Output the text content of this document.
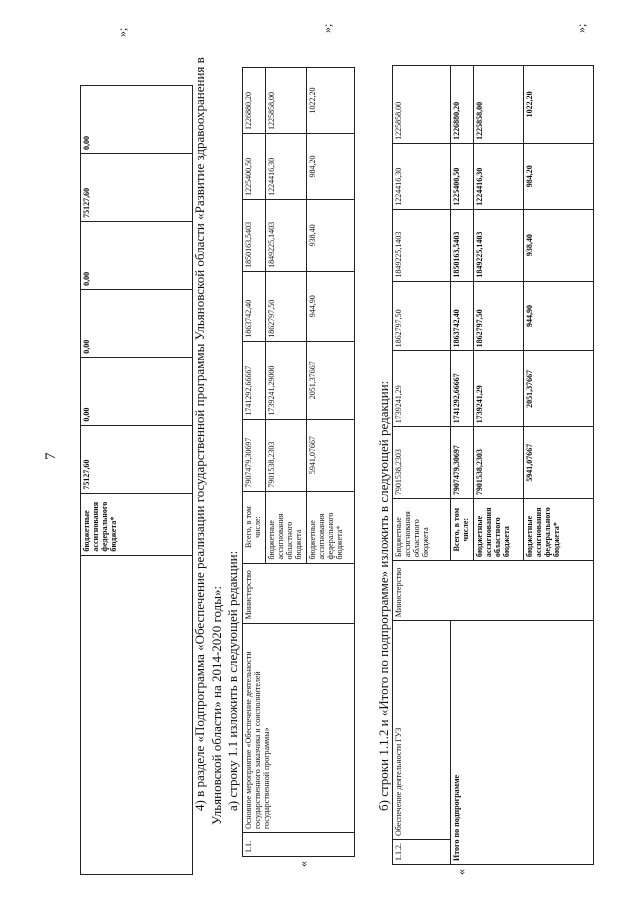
7
	бюджетные ассигнования федерального бюджета*	75127,60	0,00	0,00	0,00	75127,60	0,00
»;
4) в разделе «Подпрограмма «Обеспечение реализации государственной программы Ульяновской области «Развитие здравоохранения в Ульяновской области» на 2014-2020 годы»: а) строку 1.1 изложить в следующей редакции:
«
1.1.	Основное мероприятие «Обеспечение деятельности государственного заказчика и соисполнителей государственной программы»	Министерство	Всего, в том числе:	7907479,30697	1741292,66667	1863742,40	1850163,5403	1225400,50	1226880,20
			бюджетные ассигнования областного бюджета	7901538,2303	1739241,29000	1862797,50	1849225,1403	1224416,30	1225858,00
			бюджетные ассигнования федерального бюджета*	5941,07667	2051,37667	944,90	938,40	984,20	1022,20
»;
б) строки 1.1.2 и «Итого по подпрограмме» изложить в следующей редакции:
«
1.1.2.	Обеспечение деятельности ГУЗ	Министерство	Бюджетные ассигнования областного бюджета	7901538,2303	1739241,29	1862797,50	1849225,1403	1224416,30	1225858,00
Итого по подпрограмме			Всего, в том числе:	7907479,30697	1741292,66667	1863742,40	1850163,5403	1225400,50	1226880,20
			бюджетные ассигнования областного бюджета	7901538,2303	1739241,29	1862797,50	1849225,1403	1224416,30	1225858,00
			бюджетные ассигнования федерального бюджета*	5941,07667	2051,37667	944,90	938,40	984,20	1022,20
»;
